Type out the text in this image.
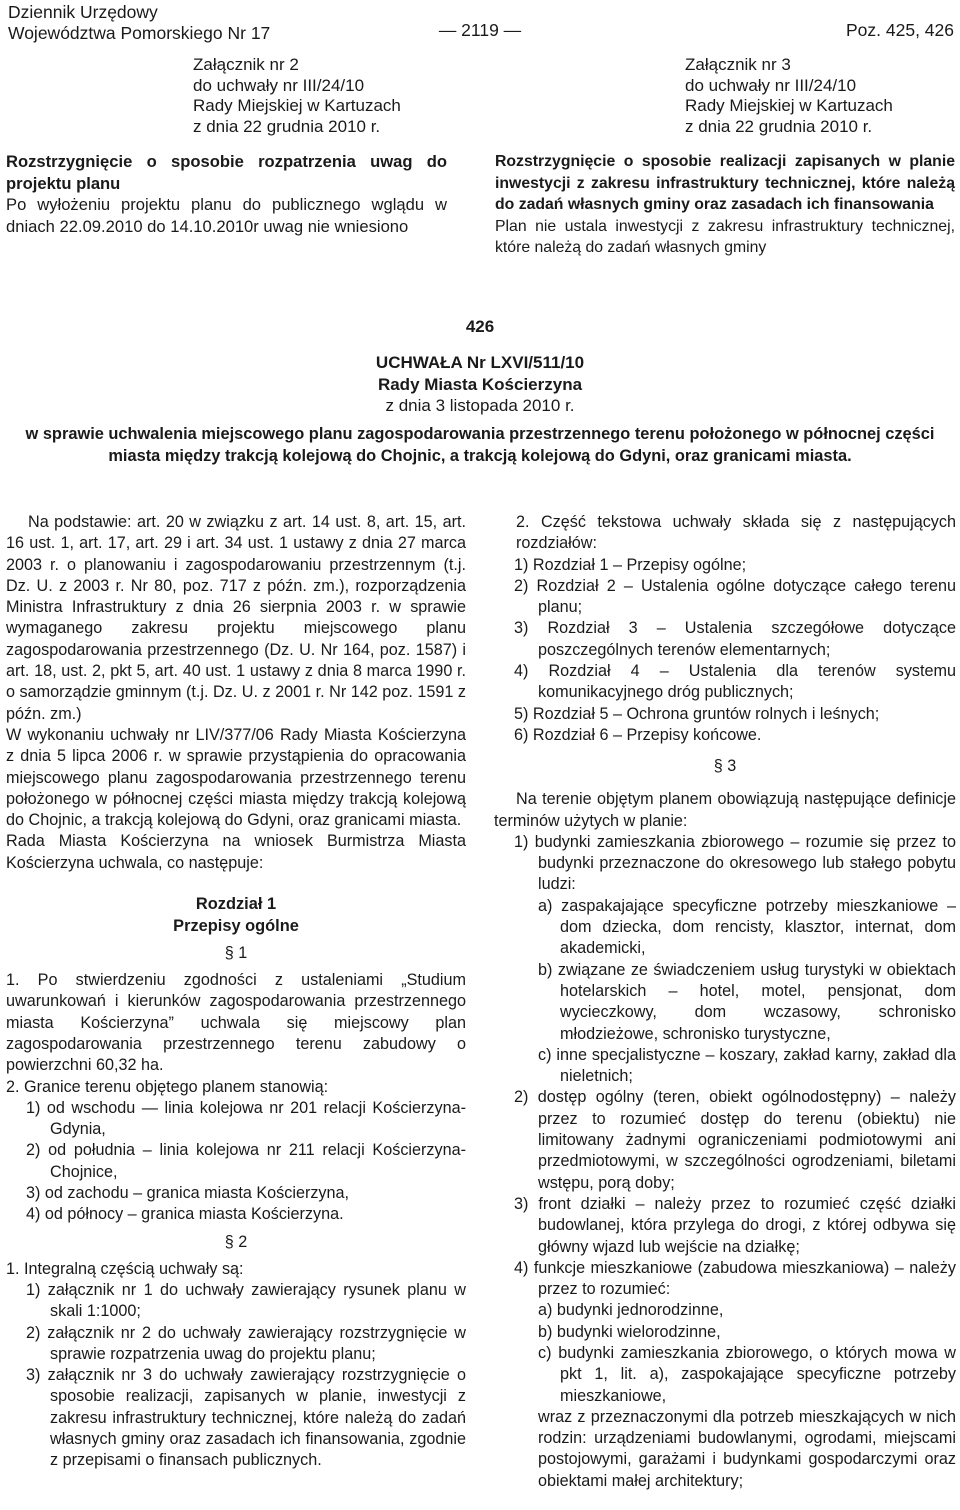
Dziennik Urzędowy
Województwa Pomorskiego Nr 17	— 2119 —	Poz. 425, 426
Załącznik nr 2
do uchwały nr III/24/10
Rady Miejskiej w Kartuzach
z dnia 22 grudnia 2010 r.

Rozstrzygnięcie o sposobie rozpatrzenia uwag do projektu planu

Po wyłożeniu projektu planu do publicznego wglądu w dniach 22.09.2010 do 14.10.2010r uwag nie wniesiono

Załącznik nr 3
do uchwały nr III/24/10
Rady Miejskiej w Kartuzach
z dnia 22 grudnia 2010 r.

Rozstrzygnięcie o sposobie realizacji zapisanych w planie inwestycji z zakresu infrastruktury technicznej, które należą do zadań własnych gminy oraz zasadach ich finansowania

Plan nie ustala inwestycji z zakresu infrastruktury technicznej, które należą do zadań własnych gminy

426
UCHWAŁA Nr LXVI/511/10
Rady Miasta Kościerzyna
z dnia 3 listopada 2010 r.
w sprawie uchwalenia miejscowego planu zagospodarowania przestrzennego terenu położonego w północnej części miasta między trakcją kolejową do Chojnic, a trakcją kolejową do Gdyni, oraz granicami miasta.

Na podstawie: art. 20 w związku z art. 14 ust. 8, art. 15, art. 16 ust. 1, art. 17, art. 29 i art. 34 ust. 1 ustawy z dnia 27 marca 2003 r. o planowaniu i zagospodarowaniu przestrzennym (t.j. Dz. U. z 2003 r. Nr 80, poz. 717 z późn. zm.), rozporządzenia Ministra Infrastruktury z dnia 26 sierpnia 2003 r. w sprawie wymaganego zakresu projektu miejscowego planu zagospodarowania przestrzennego (Dz. U. Nr 164, poz. 1587) i art. 18, ust. 2, pkt 5, art. 40 ust. 1 ustawy z dnia 8 marca 1990 r. o samorządzie gminnym (t.j. Dz. U. z 2001 r. Nr 142 poz. 1591 z późn. zm.)

W wykonaniu uchwały nr LIV/377/06 Rady Miasta Kościerzyna z dnia 5 lipca 2006 r. w sprawie przystąpienia do opracowania miejscowego planu zagospodarowania przestrzennego terenu położonego w północnej części miasta między trakcją kolejową do Chojnic, a trakcją kolejową do Gdyni, oraz granicami miasta.

Rada Miasta Kościerzyna na wniosek Burmistrza Miasta Kościerzyna uchwala, co następuje:

Rozdział 1
Przepisy ogólne
§ 1

1. Po stwierdzeniu zgodności z ustaleniami „Studium uwarunkowań i kierunków zagospodarowania przestrzennego miasta Kościerzyna” uchwala się miejscowy plan zagospodarowania przestrzennego terenu zabudowy o powierzchni 60,32 ha.

2. Granice terenu objętego planem stanowią:

1) od wschodu — linia kolejowa nr 201 relacji Kościerzyna-Gdynia,

2) od południa – linia kolejowa nr 211 relacji Kościerzyna-Chojnice,

3) od zachodu – granica miasta Kościerzyna,

4) od północy – granica miasta Kościerzyna.

§ 2

1. Integralną częścią uchwały są:

1) załącznik nr 1 do uchwały zawierający rysunek planu w skali 1:1000;

2) załącznik nr 2 do uchwały zawierający rozstrzygnięcie w sprawie rozpatrzenia uwag do projektu planu;

3) załącznik nr 3 do uchwały zawierający rozstrzygnięcie o sposobie realizacji, zapisanych w planie, inwestycji z zakresu infrastruktury technicznej, które należą do zadań własnych gminy oraz zasadach ich finansowania, zgodnie z przepisami o finansach publicznych.

2. Część tekstowa uchwały składa się z następujących rozdziałów:

1) Rozdział 1 – Przepisy ogólne;

2) Rozdział 2 – Ustalenia ogólne dotyczące całego terenu planu;

3) Rozdział 3 – Ustalenia szczegółowe dotyczące poszczególnych terenów elementarnych;

4) Rozdział 4 – Ustalenia dla terenów systemu komunikacyjnego dróg publicznych;

5) Rozdział 5 – Ochrona gruntów rolnych i leśnych;

6) Rozdział 6 – Przepisy końcowe.

§ 3

Na terenie objętym planem obowiązują następujące definicje terminów użytych w planie:

1) budynki zamieszkania zbiorowego – rozumie się przez to budynki przeznaczone do okresowego lub stałego pobytu ludzi:

a) zaspakajające specyficzne potrzeby mieszkaniowe – dom dziecka, dom rencisty, klasztor, internat, dom akademicki,

b) związane ze świadczeniem usług turystyki w obiektach hotelarskich – hotel, motel, pensjonat, dom wycieczkowy, dom wczasowy, schronisko młodzieżowe, schronisko turystyczne,

c) inne specjalistyczne – koszary, zakład karny, zakład dla nieletnich;

2) dostęp ogólny (teren, obiekt ogólnodostępny) – należy przez to rozumieć dostęp do terenu (obiektu) nie limitowany żadnymi ograniczeniami podmiotowymi ani przedmiotowymi, w szczególności ogrodzeniami, biletami wstępu, porą doby;

3) front działki – należy przez to rozumieć część działki budowlanej, która przylega do drogi, z której odbywa się główny wjazd lub wejście na działkę;

4) funkcje mieszkaniowe (zabudowa mieszkaniowa) – należy przez to rozumieć:

a) budynki jednorodzinne,

b) budynki wielorodzinne,

c) budynki zamieszkania zbiorowego, o których mowa w pkt 1, lit. a), zaspokajające specyficzne potrzeby mieszkaniowe,

wraz z przeznaczonymi dla potrzeb mieszkających w nich rodzin: urządzeniami budowlanymi, ogrodami, miejscami postojowymi, garażami i budynkami gospodarczymi oraz obiektami małej architektury;
